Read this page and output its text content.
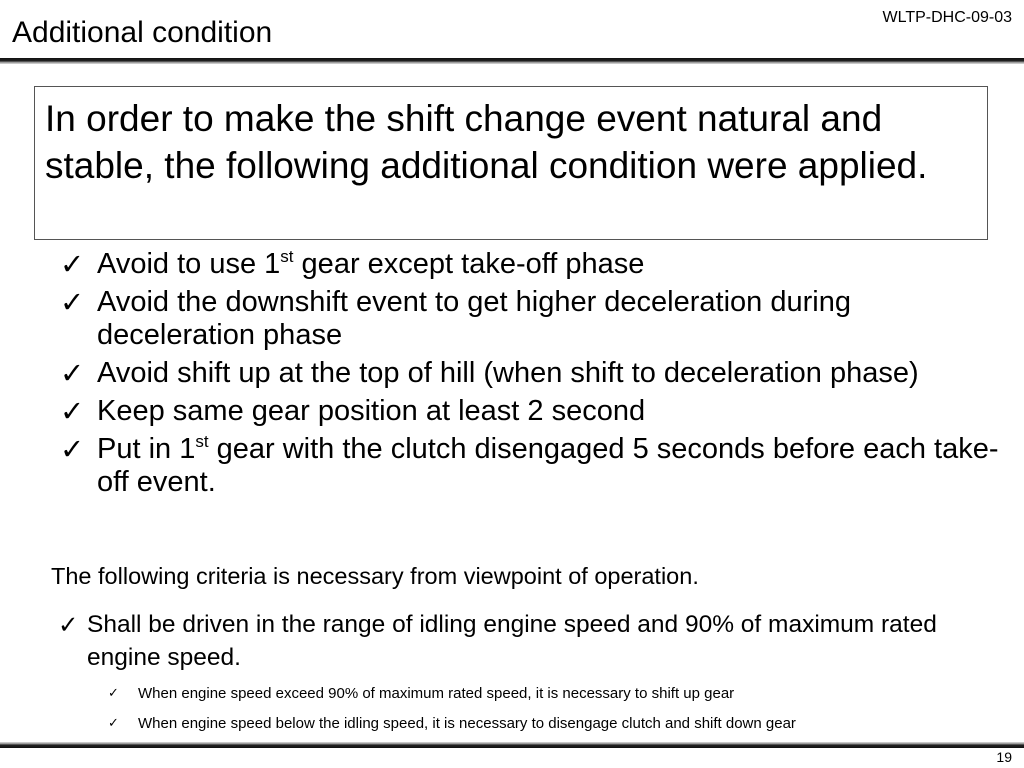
WLTP-DHC-09-03
Additional condition
In order to make the shift change event natural and stable, the following additional condition were applied.
✓ Avoid to use 1st gear except take-off phase
✓ Avoid the downshift event to get higher deceleration during deceleration phase
✓ Avoid shift up at the top of hill (when shift to deceleration phase)
✓ Keep same gear position at least 2 second
✓ Put in 1st gear with the clutch disengaged 5 seconds before each take-off event.
The following criteria is necessary from viewpoint of operation.
✓ Shall be driven in the range of idling engine speed and 90% of maximum rated engine speed.
✓	When engine speed exceed 90% of maximum rated speed, it is necessary to shift up gear
✓	When engine speed below the idling speed, it is necessary to disengage clutch and shift down gear
19
